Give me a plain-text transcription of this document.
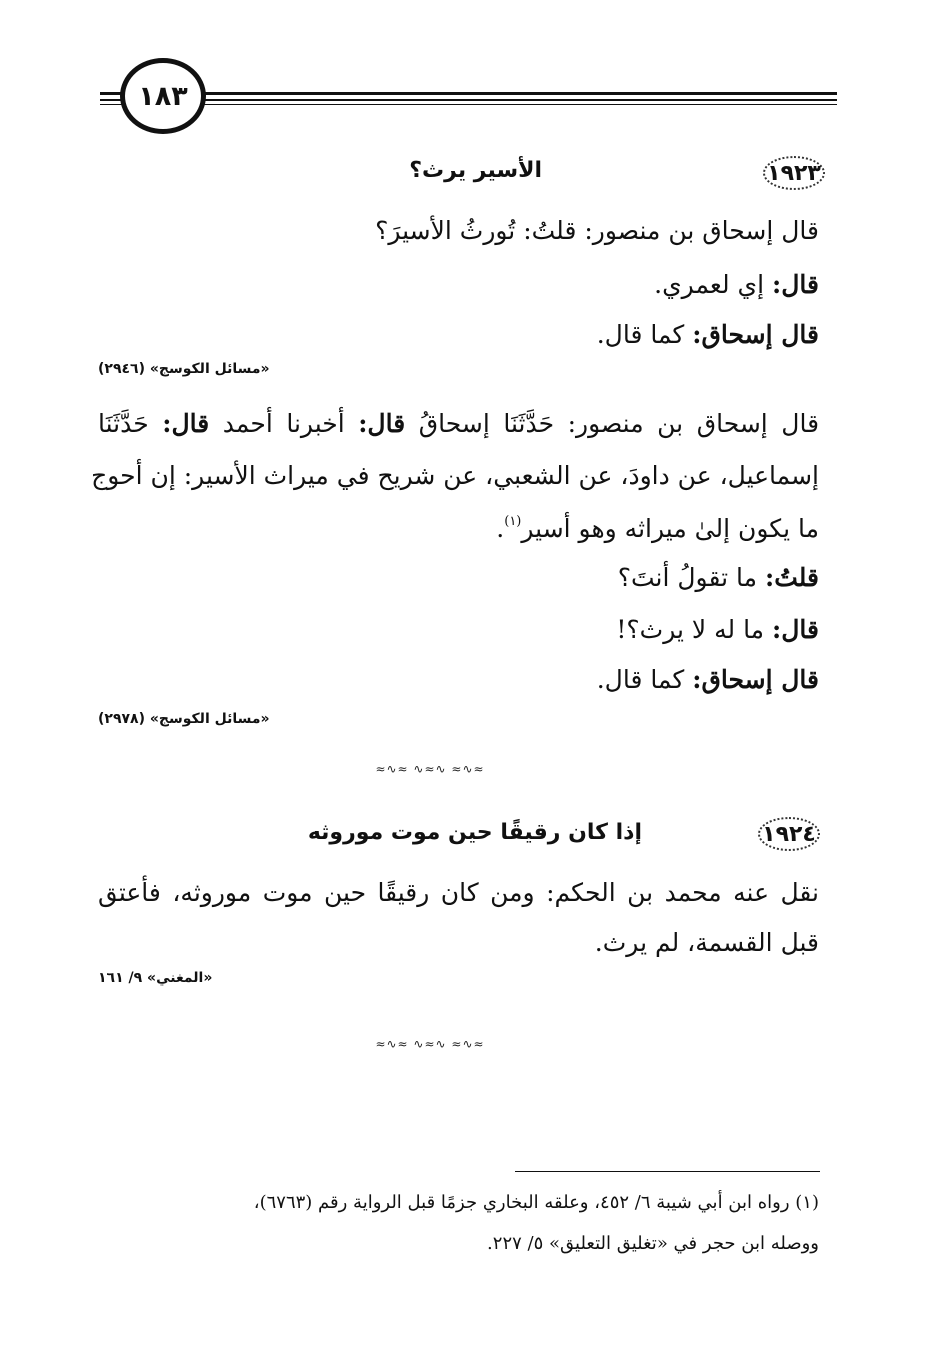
١٨٣
١٩٢٣
الأسير يرث؟
قال إسحاق بن منصور: قلتُ: تُورثُ الأسيرَ؟
قال: إي لعمري.
قال إسحاق: كما قال.
«مسائل الكوسج» (٢٩٤٦)
قال إسحاق بن منصور: حَدَّثَنَا إسحاقُ قال: أخبرنا أحمد قال: حَدَّثَنَا
إسماعيل، عن داودَ، عن الشعبي، عن شريح في ميراث الأسير: إن أحوج
ما يكون إلىٰ ميراثه وهو أسير$^{(١)}$.
قلتُ: ما تقولُ أنتَ؟
قال: ما له لا يرث؟!
قال إسحاق: كما قال.
«مسائل الكوسج» (٢٩٧٨)
≈∿≈ ∿≈∿ ≈∿≈
١٩٢٤
إذا كان رقيقًا حين موت موروثه
نقل عنه محمد بن الحكم: ومن كان رقيقًا حين موت موروثه، فأعتق
قبل القسمة، لم يرث.
«المغني» ٩/ ١٦١
≈∿≈ ∿≈∿ ≈∿≈
(١) رواه ابن أبي شيبة ٦/ ٤٥٢، وعلقه البخاري جزمًا قبل الرواية رقم (٦٧٦٣)،
ووصله ابن حجر في «تغليق التعليق» ٥/ ٢٢٧.
